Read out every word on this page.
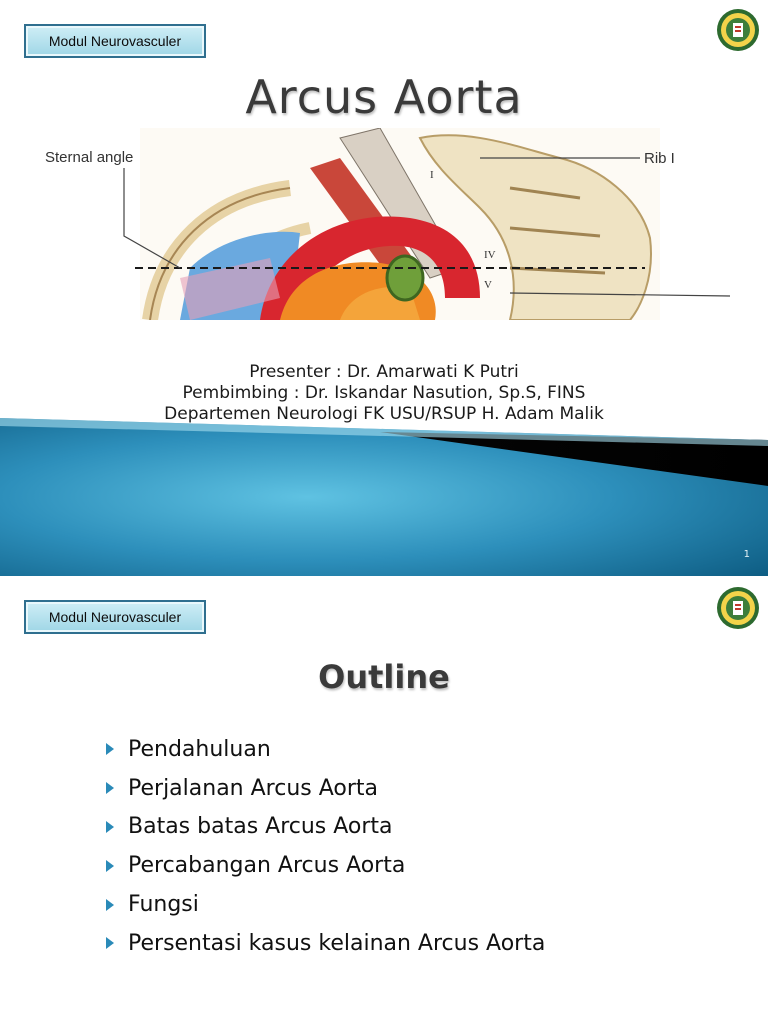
Modul Neurovasculer
Arcus Aorta
Sternal angle	Rib I
I
IV
V
Presenter : Dr. Amarwati K Putri
Pembimbing : Dr. Iskandar Nasution, Sp.S, FINS
Departemen Neurologi FK USU/RSUP H. Adam Malik
1
Modul Neurovasculer
Outline
Pendahuluan
Perjalanan Arcus Aorta
Batas batas Arcus Aorta
Percabangan Arcus Aorta
Fungsi
Persentasi kasus kelainan Arcus Aorta
